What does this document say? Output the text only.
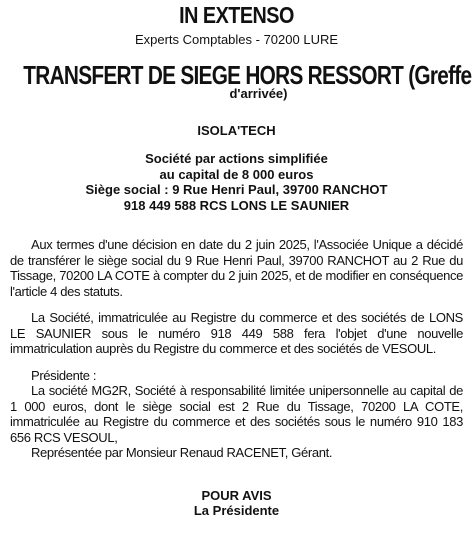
IN EXTENSO
Experts Comptables - 70200 LURE
TRANSFERT DE SIEGE HORS RESSORT (Greffe
d'arrivée)
ISOLA'TECH
Société par actions simplifiée
au capital de 8 000 euros
Siège social : 9 Rue Henri Paul, 39700 RANCHOT
918 449 588 RCS LONS LE SAUNIER

Aux termes d'une décision en date du 2 juin 2025, l'Associée Unique a décidé de transférer le siège social du 9 Rue Henri Paul, 39700 RANCHOT au 2 Rue du Tissage, 70200 LA COTE à compter du 2 juin 2025, et de modifier en conséquence l'article 4 des statuts.

La Société, immatriculée au Registre du commerce et des sociétés de LONS LE SAUNIER sous le numéro 918 449 588 fera l'objet d'une nouvelle immatriculation auprès du Registre du commerce et des sociétés de VESOUL.

Présidente :

La société MG2R, Société à responsabilité limitée unipersonnelle au capital de 1 000 euros, dont le siège social est 2 Rue du Tissage, 70200 LA COTE, immatriculée au Registre du commerce et des sociétés sous le numéro 910 183 656 RCS VESOUL,

Représentée par Monsieur Renaud RACENET, Gérant.

POUR AVIS
La Présidente
